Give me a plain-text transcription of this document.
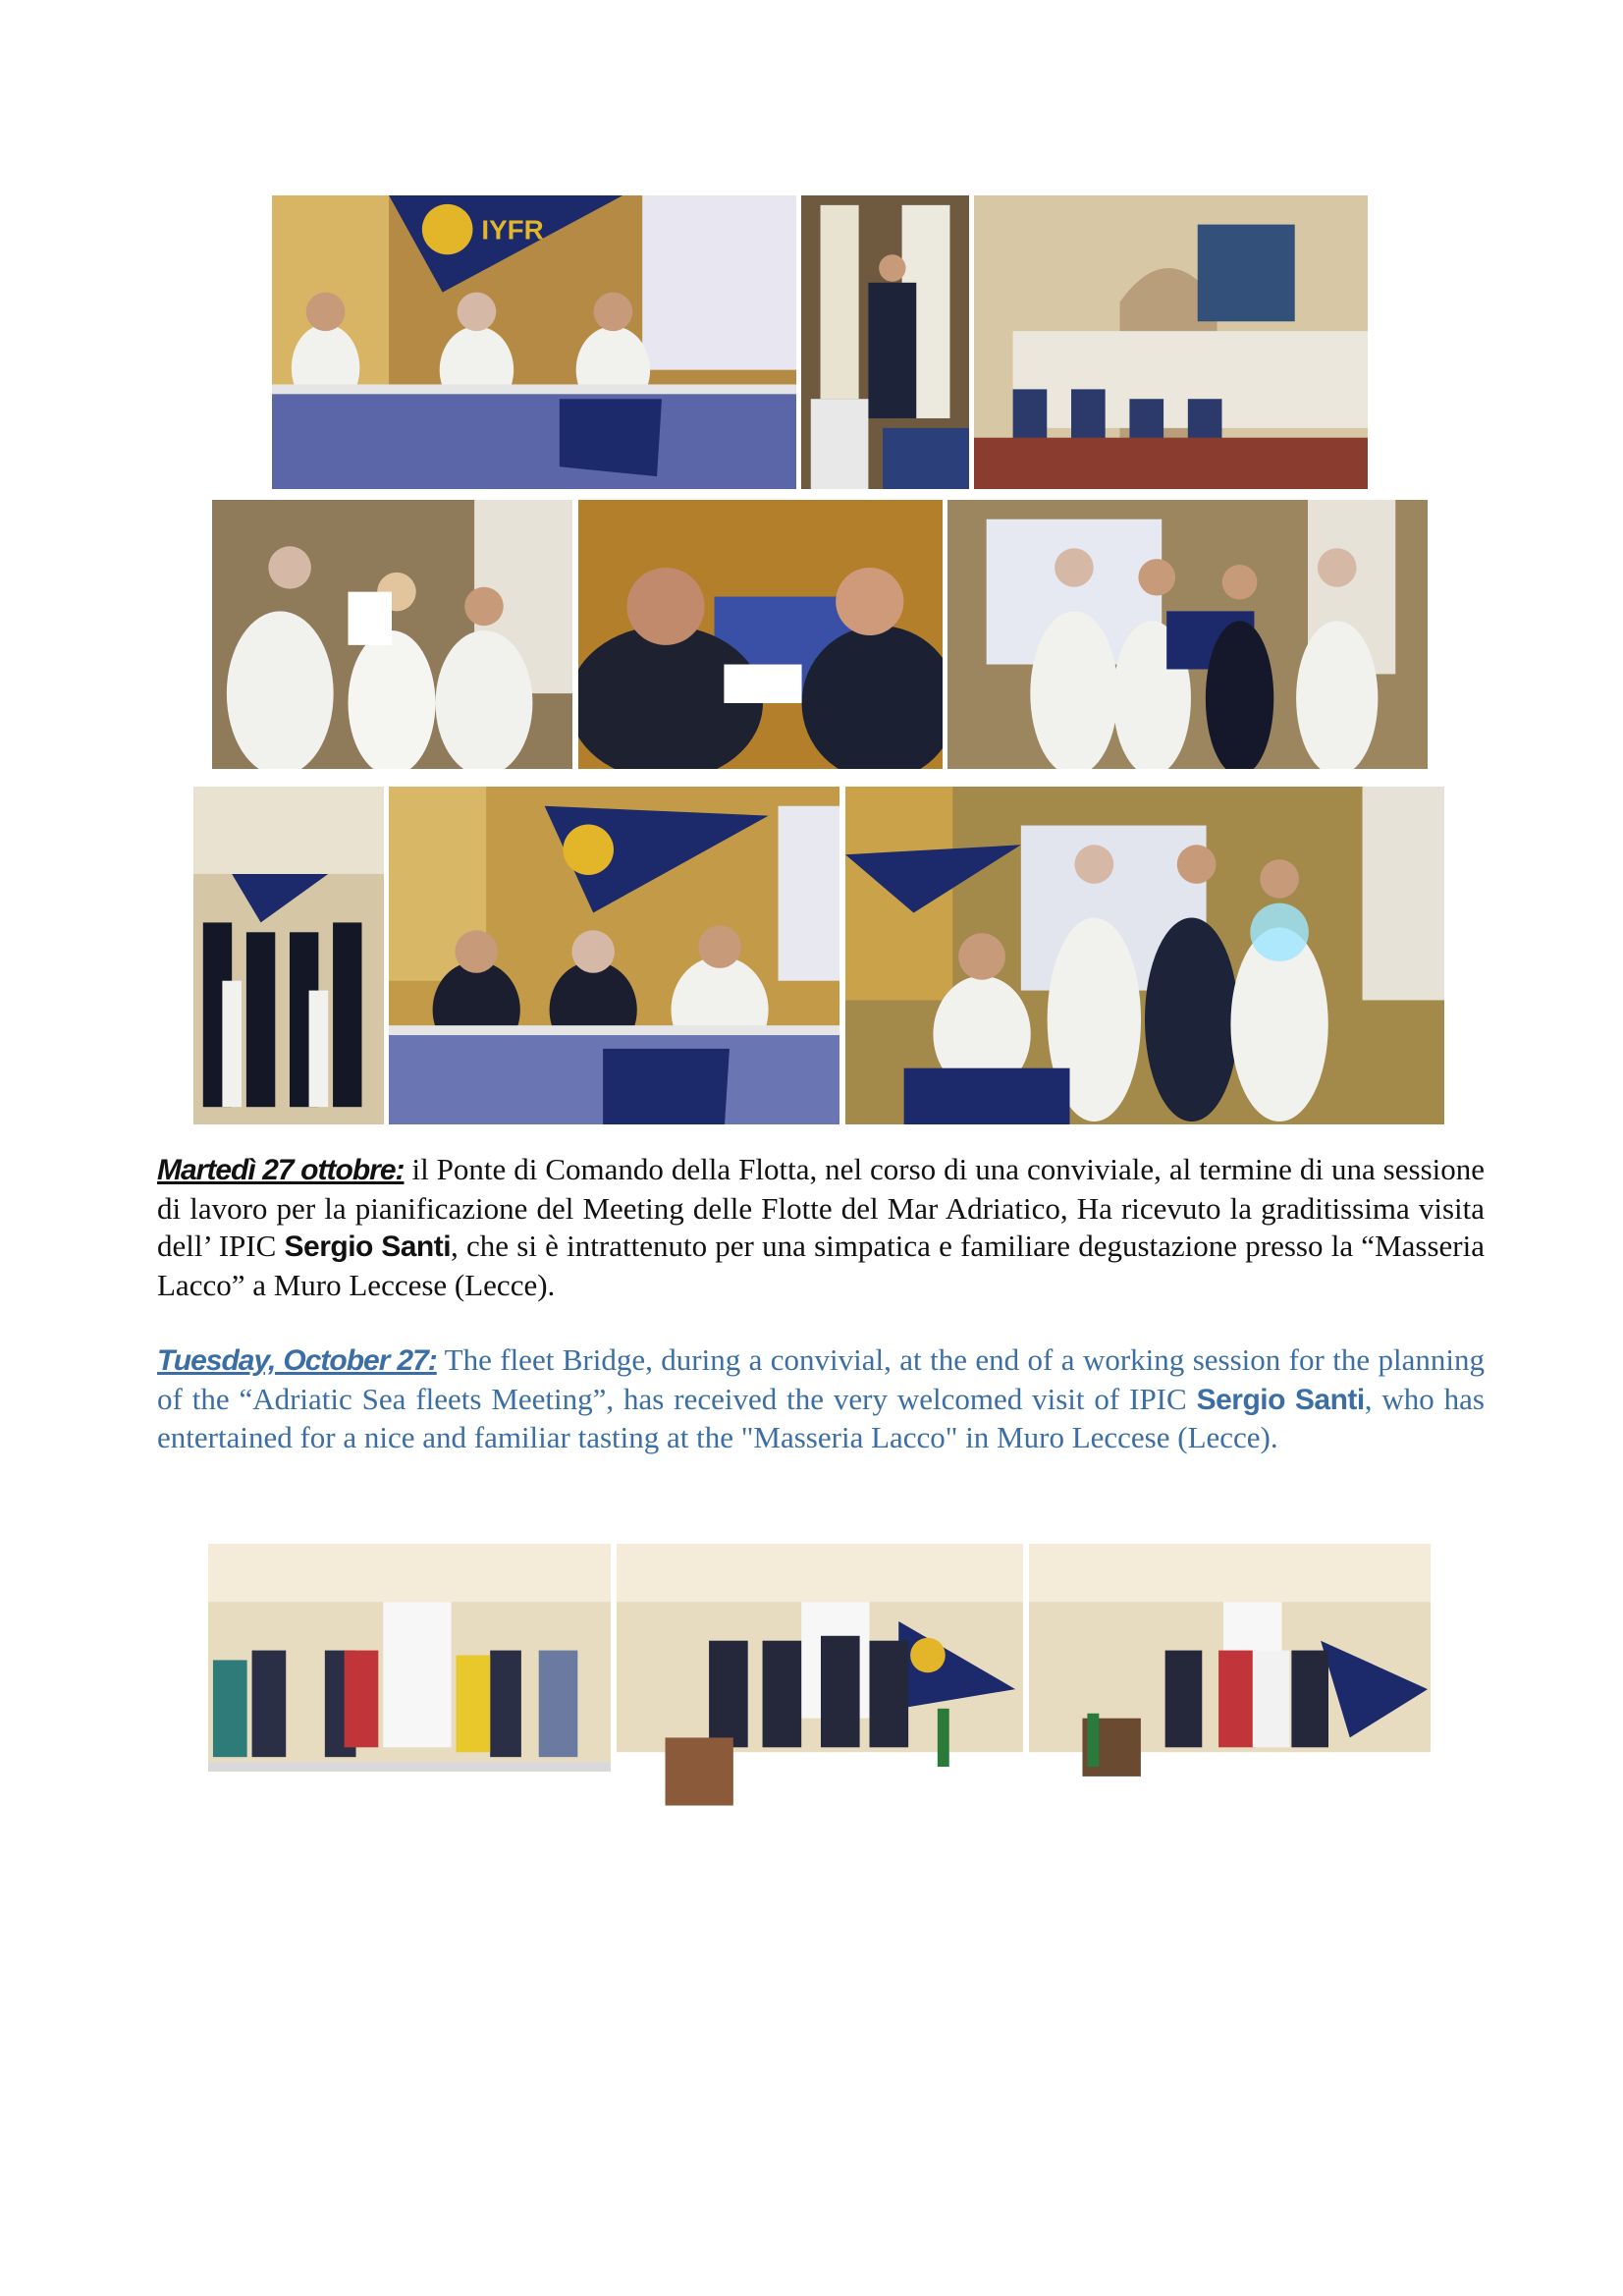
IYFR

Martedì 27 ottobre: il Ponte di Comando della Flotta, nel corso di una conviviale, al termine di una sessione di lavoro per la pianificazione del Meeting delle Flotte del Mar Adriatico, Ha ricevuto la graditissima visita dell’ IPIC Sergio Santi, che si è intrattenuto per una simpatica e familiare degustazione presso la “Masseria Lacco” a Muro Leccese (Lecce).

Tuesday, October 27: The fleet Bridge, during a convivial, at the end of a working session for the planning of the “Adriatic Sea fleets Meeting”, has received the very welcomed visit of IPIC Sergio Santi, who has entertained for a nice and familiar tasting at the "Masseria Lacco" in Muro Leccese (Lecce).
